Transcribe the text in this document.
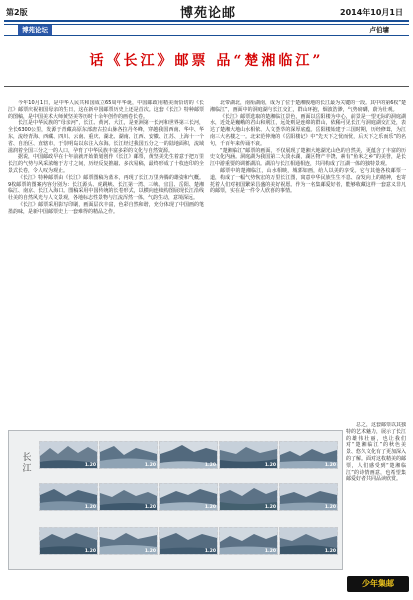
第2版	博苑论邮	2014年10月1日
博苑论坛	卢伯墉
话《长江》邮票 品“楚湘临江”

今年10月1日，是中华人民共和国成立65周年华诞，中国邮政用精美而恰切的《长江》邮票庆祝祖国母亲的生日，这在新中国邮票历史上还是首次。这套《长江》特种邮票的图稿，是中国美术大师黄坚美等历时十余年创作的画卷长卷。

长江是中华民族的“母亲河”，长江、黄河、大江，是亚洲第一长河和世界第三长河，全长6300公里，发源于青藏高原东部唐古拉山脉各拉丹冬峰，穿越我国西南、华中、华东，流经青海、西藏、四川、云南、重庆、湖北、湖南、江西、安徽、江苏、上海十一个省、自治区、直辖市，于崇明岛以东注入东海。长江经过我国五分之一的陆地面积，流域滋润着全国三分之一的人口，孕育了中华民族丰富多彩的文化与自然资源。

据说，中国邮政早在十年前就开始策划创作《长江》邮票，黄坚美先生着意于把万里长江的气势与风采浓缩于方寸之间，历经反复推敲、多次易稿，最终形成了十枚连印的全景式长卷，令人叹为观止。

《长江》特种邮票由《长江》邮票图稿为蓝本，再现了长江万里奔腾的雄姿和气概。9枚邮票的图案内容分别为：长江源头、虎跳峡、长江第一湾、三峡、宜昌、岳阳、楚湘临江、南京、长江入海口。图稿采用中国传统的长卷形式，以横向连续构图展现长江沿线壮美的自然风光与人文景观，各地标志性景物与江流浑然一体，气韵生动，意境深远。

《长江》邮票采用影写印刷，画面层次丰富，色彩自然和谐，充分体现了中国画的笔墨韵味，是新中国邮票史上一套难得的精品之作。

北带湖北，南衔湖南，成为了位于楚湘腹地的长江最为关键的一段。其中的第6枚“楚湘临江”，画面中的洞庭湖与长江交汇，群山环抱，烟波浩渺，气势磅礴，蔚为壮观。

《长江》邮票选取的楚湘临江景色，画面以岳阳楼为中心，前景是一望无际的洞庭湖水，近处是巍峨的君山和荆江，远处则是连绵的群山，依稀可见长江与洞庭湖交汇处，表达了楚湘大地山水相依、人文荟萃的深厚底蕴。岳阳楼始建于三国时期，历经修葺，为江南三大名楼之一。北宋范仲淹的《岳阳楼记》中“先天下之忧而忧，后天下之乐而乐”的名句，千百年来传诵不衰。

“楚湘临江”邮票的画面，不仅展现了楚湘大地湖光山色的自然美，更蕴含了丰富的历史文化内涵。洞庭湖为我国第二大淡水湖，湖区物产丰饶，素有“鱼米之乡”的美誉，是长江中游重要的调蓄湖泊。湖泊与长江相通相连，共同构成了江湖一体的独特景观。

邮票中的楚湘临江，山水相映，城郭如画，给人以美的享受。它与其他各枚邮票一道，构成了一幅气势恢宏的万里长江图，寓意中华民族生生不息、奋发向上的精神，也寄托着人们对祖国繁荣昌盛的美好祝愿。作为一名集邮爱好者，能够收藏这样一套意义非凡的邮票，实在是一件令人欣喜的事情。

长江	1.20	1.20	1.20	1.20	1.20
1.20	1.20	1.20	1.20	1.20
1.20	1.20	1.20	1.20	1.20

总之，这套邮票以其独特的艺术魅力，展示了长江的雄伟壮丽，也让我们对“楚湘临江”的秋色美景、悠久文化有了更加深入的了解。面对这枚精美的邮票，人们感受到“楚湘临江”的诗情画意，也希望集邮爱好者共同品读欣赏。

少年集邮
